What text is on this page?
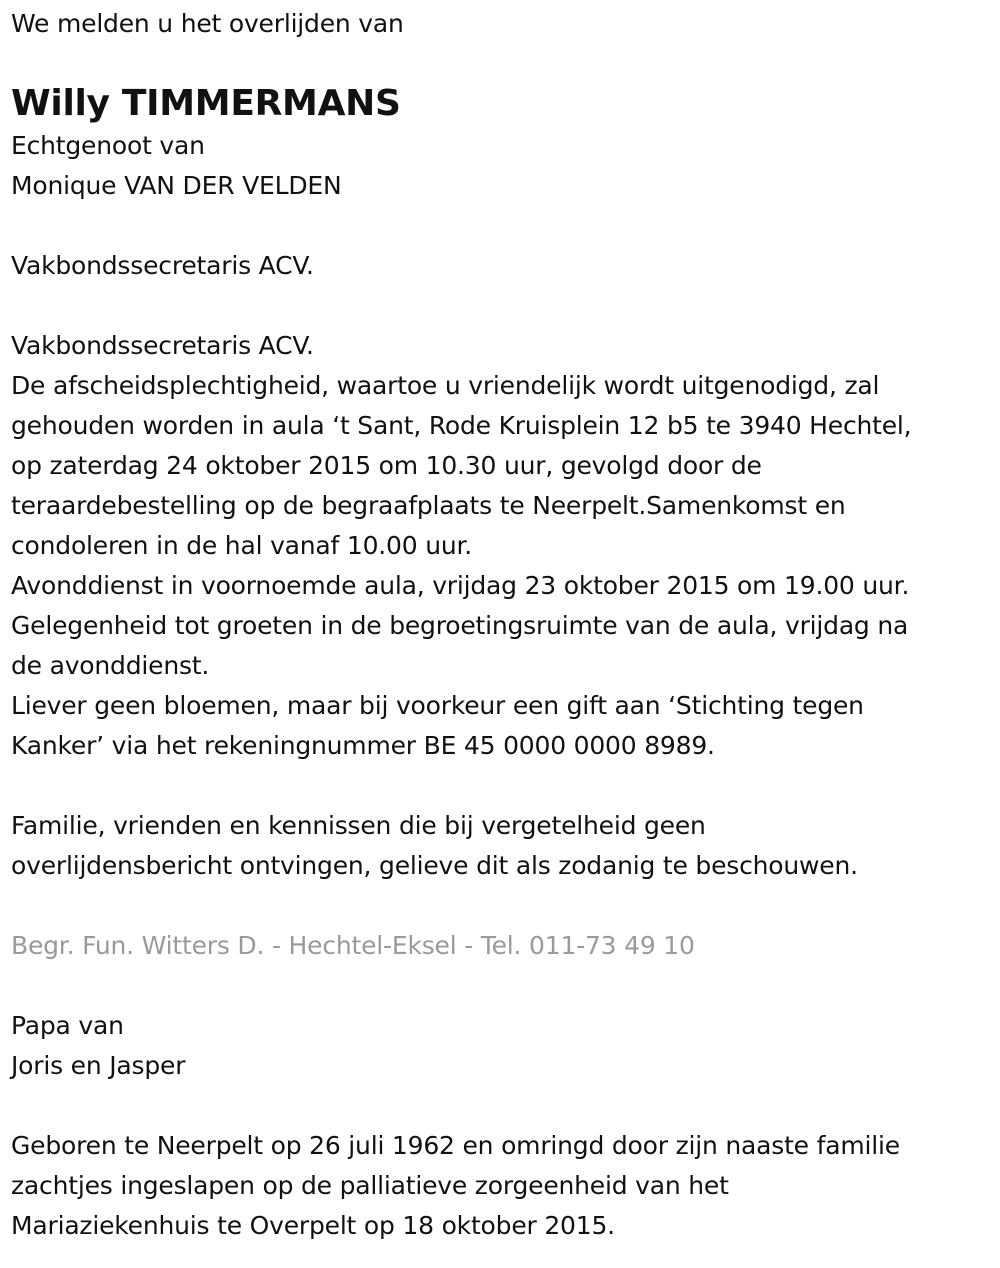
We melden u het overlijden van
Willy TIMMERMANS
Echtgenoot van
Monique VAN DER VELDEN
Vakbondssecretaris ACV.
Vakbondssecretaris ACV.
De afscheidsplechtigheid, waartoe u vriendelijk wordt uitgenodigd, zal
gehouden worden in aula ‘t Sant, Rode Kruisplein 12 b5 te 3940 Hechtel,
op zaterdag 24 oktober 2015 om 10.30 uur, gevolgd door de
teraardebestelling op de begraafplaats te Neerpelt.Samenkomst en
condoleren in de hal vanaf 10.00 uur.
Avonddienst in voornoemde aula, vrijdag 23 oktober 2015 om 19.00 uur.
Gelegenheid tot groeten in de begroetingsruimte van de aula, vrijdag na
de avonddienst.
Liever geen bloemen, maar bij voorkeur een gift aan ‘Stichting tegen
Kanker’ via het rekeningnummer BE 45 0000 0000 8989.
Familie, vrienden en kennissen die bij vergetelheid geen
overlijdensbericht ontvingen, gelieve dit als zodanig te beschouwen.
Begr. Fun. Witters D. - Hechtel-Eksel - Tel. 011-73 49 10
Papa van
Joris en Jasper
Geboren te Neerpelt op 26 juli 1962 en omringd door zijn naaste familie
zachtjes ingeslapen op de palliatieve zorgeenheid van het
Mariaziekenhuis te Overpelt op 18 oktober 2015.
